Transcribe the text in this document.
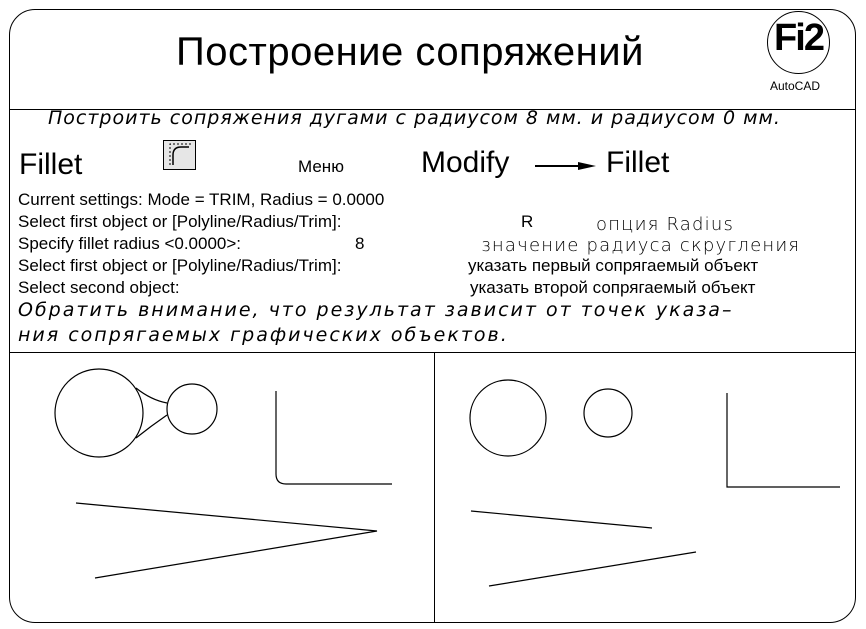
Построение сопряжений	Fi2
AutoCAD
Построить сопряжения дугами с радиусом 8 мм. и радиусом 0 мм.
Fillet	Меню	Modify	Fillet
Current settings: Mode = TRIM, Radius = 0.0000
Select first object or [Polyline/Radius/Trim]:	R	опция Radius
Specify fillet radius <0.0000>:	8	значение радиуса скругления
Select first object or [Polyline/Radius/Trim]:	указать первый сопрягаемый объект
Select second object:	указать второй сопрягаемый объект
Обратить внимание, что результат зависит от точек указа–
ния сопрягаемых графических объектов.
